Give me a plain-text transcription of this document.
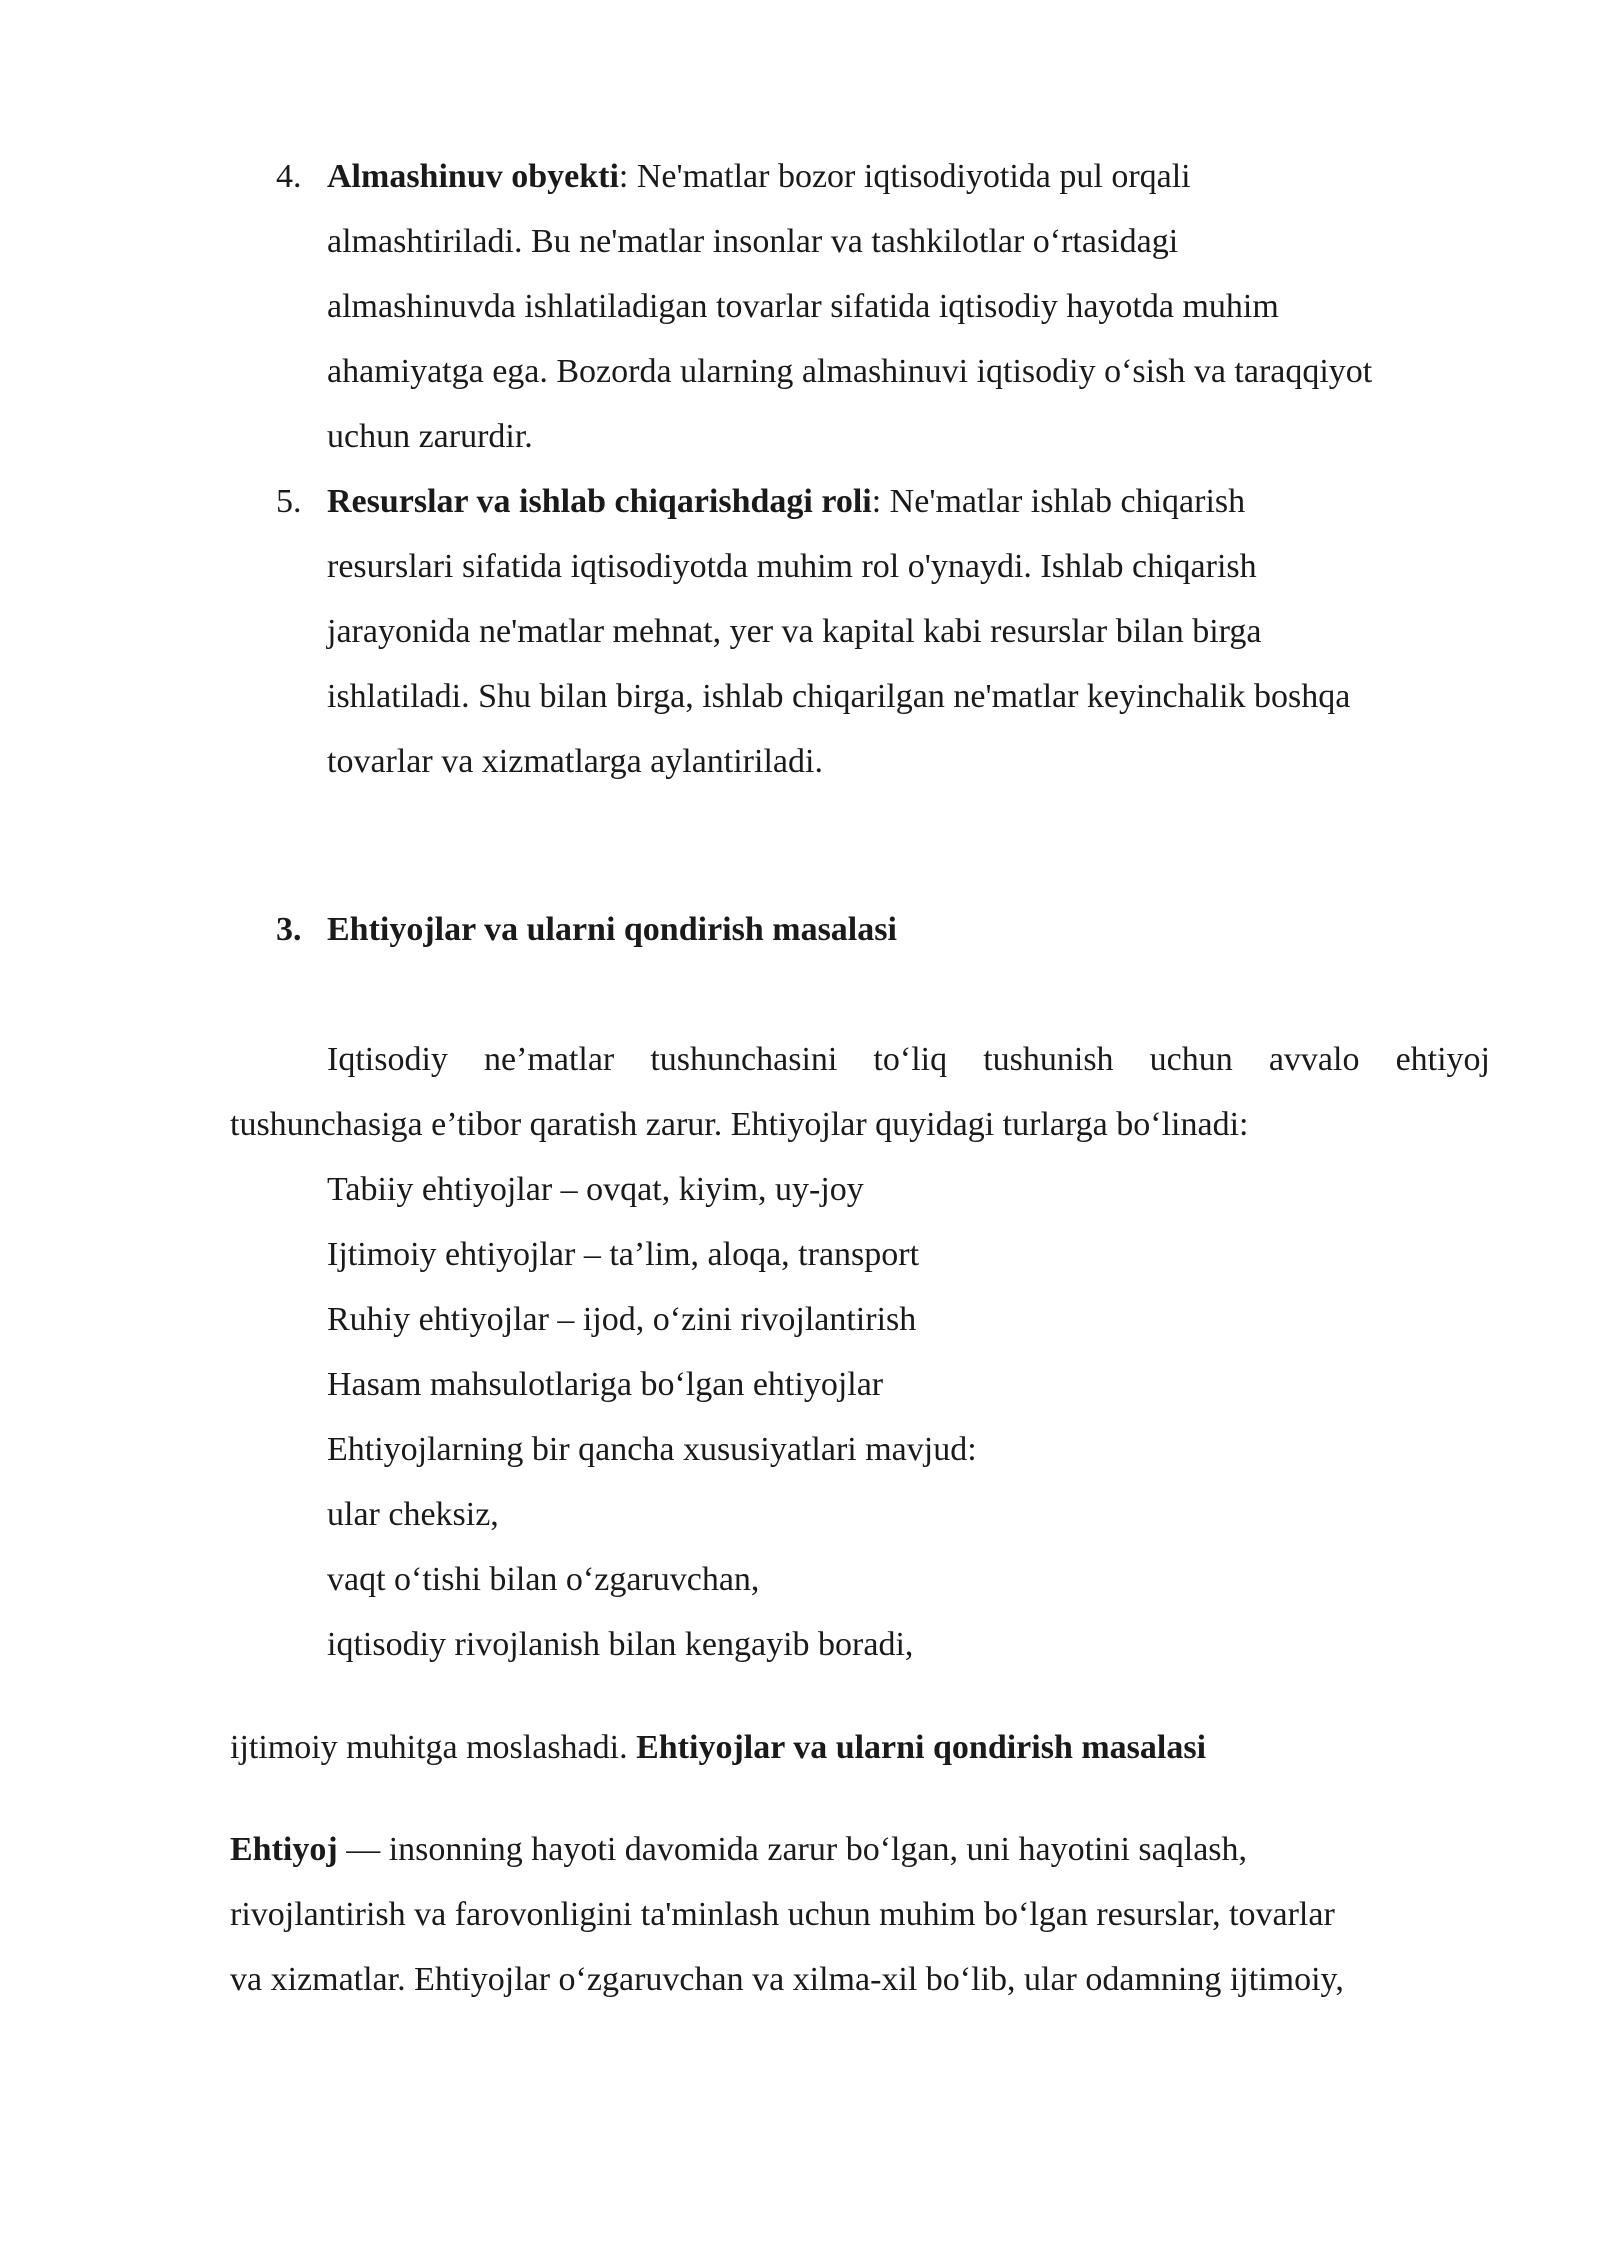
4. Almashinuv obyekti: Ne'matlar bozor iqtisodiyotida pul orqali
almashtiriladi. Bu ne'matlar insonlar va tashkilotlar o‘rtasidagi
almashinuvda ishlatiladigan tovarlar sifatida iqtisodiy hayotda muhim
ahamiyatga ega. Bozorda ularning almashinuvi iqtisodiy o‘sish va taraqqiyot
uchun zarurdir.
5. Resurslar va ishlab chiqarishdagi roli: Ne'matlar ishlab chiqarish
resurslari sifatida iqtisodiyotda muhim rol o'ynaydi. Ishlab chiqarish
jarayonida ne'matlar mehnat, yer va kapital kabi resurslar bilan birga
ishlatiladi. Shu bilan birga, ishlab chiqarilgan ne'matlar keyinchalik boshqa
tovarlar va xizmatlarga aylantiriladi.
3. Ehtiyojlar va ularni qondirish masalasi
Iqtisodiy ne’matlar tushunchasini to‘liq tushunish uchun avvalo ehtiyoj
tushunchasiga e’tibor qaratish zarur. Ehtiyojlar quyidagi turlarga bo‘linadi:
Tabiiy ehtiyojlar – ovqat, kiyim, uy-joy
Ijtimoiy ehtiyojlar – ta’lim, aloqa, transport
Ruhiy ehtiyojlar – ijod, o‘zini rivojlantirish
Hasam mahsulotlariga bo‘lgan ehtiyojlar
Ehtiyojlarning bir qancha xususiyatlari mavjud:
ular cheksiz,
vaqt o‘tishi bilan o‘zgaruvchan,
iqtisodiy rivojlanish bilan kengayib boradi,
ijtimoiy muhitga moslashadi. Ehtiyojlar va ularni qondirish masalasi
Ehtiyoj — insonning hayoti davomida zarur bo‘lgan, uni hayotini saqlash,
rivojlantirish va farovonligini ta'minlash uchun muhim bo‘lgan resurslar, tovarlar
va xizmatlar. Ehtiyojlar o‘zgaruvchan va xilma-xil bo‘lib, ular odamning ijtimoiy,
